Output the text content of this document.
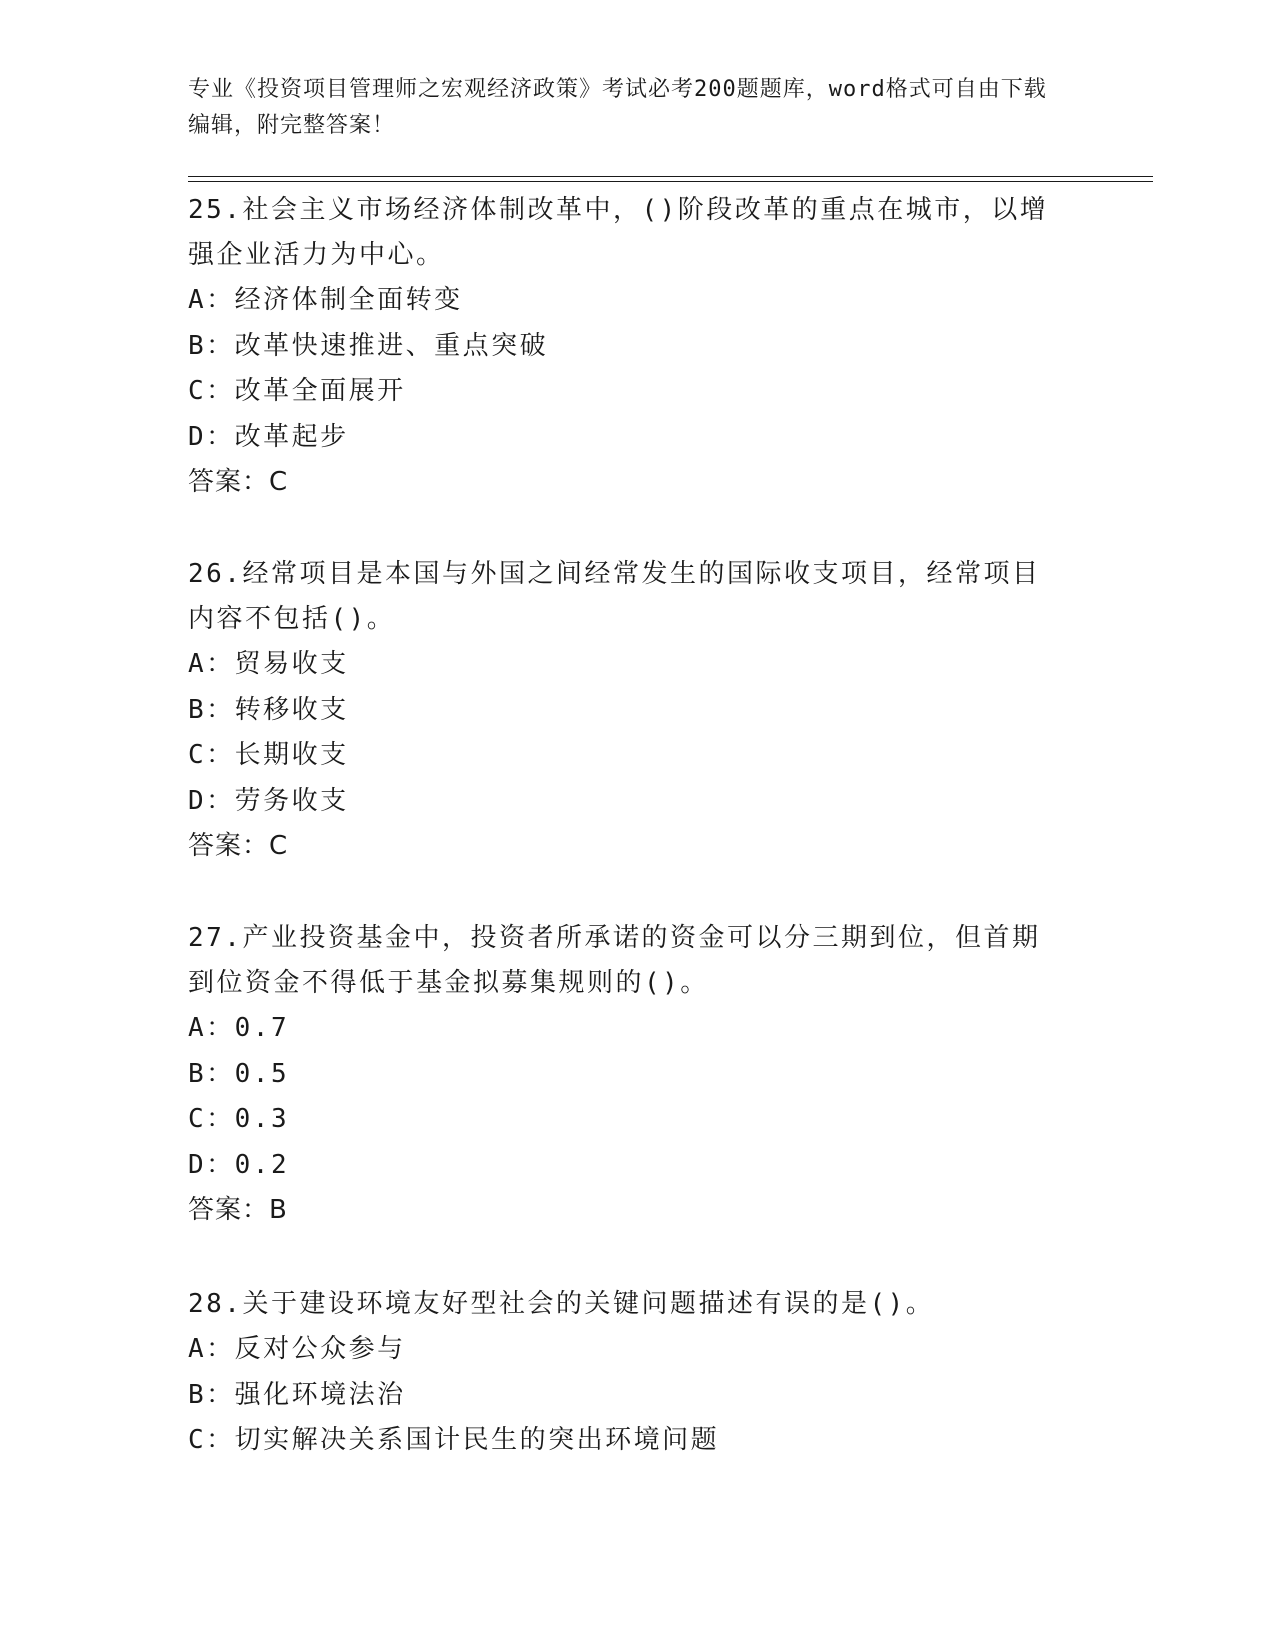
专业《投资项目管理师之宏观经济政策》考试必考200题题库，word格式可自由下载编辑，附完整答案！

25.社会主义市场经济体制改革中，()阶段改革的重点在城市，以增强企业活力为中心。

A：经济体制全面转变

B：改革快速推进、重点突破

C：改革全面展开

D：改革起步

答案：C

26.经常项目是本国与外国之间经常发生的国际收支项目，经常项目内容不包括()。

A：贸易收支

B：转移收支

C：长期收支

D：劳务收支

答案：C

27.产业投资基金中，投资者所承诺的资金可以分三期到位，但首期到位资金不得低于基金拟募集规则的()。

A：0.7

B：0.5

C：0.3

D：0.2

答案：B

28.关于建设环境友好型社会的关键问题描述有误的是()。

A：反对公众参与

B：强化环境法治

C：切实解决关系国计民生的突出环境问题
